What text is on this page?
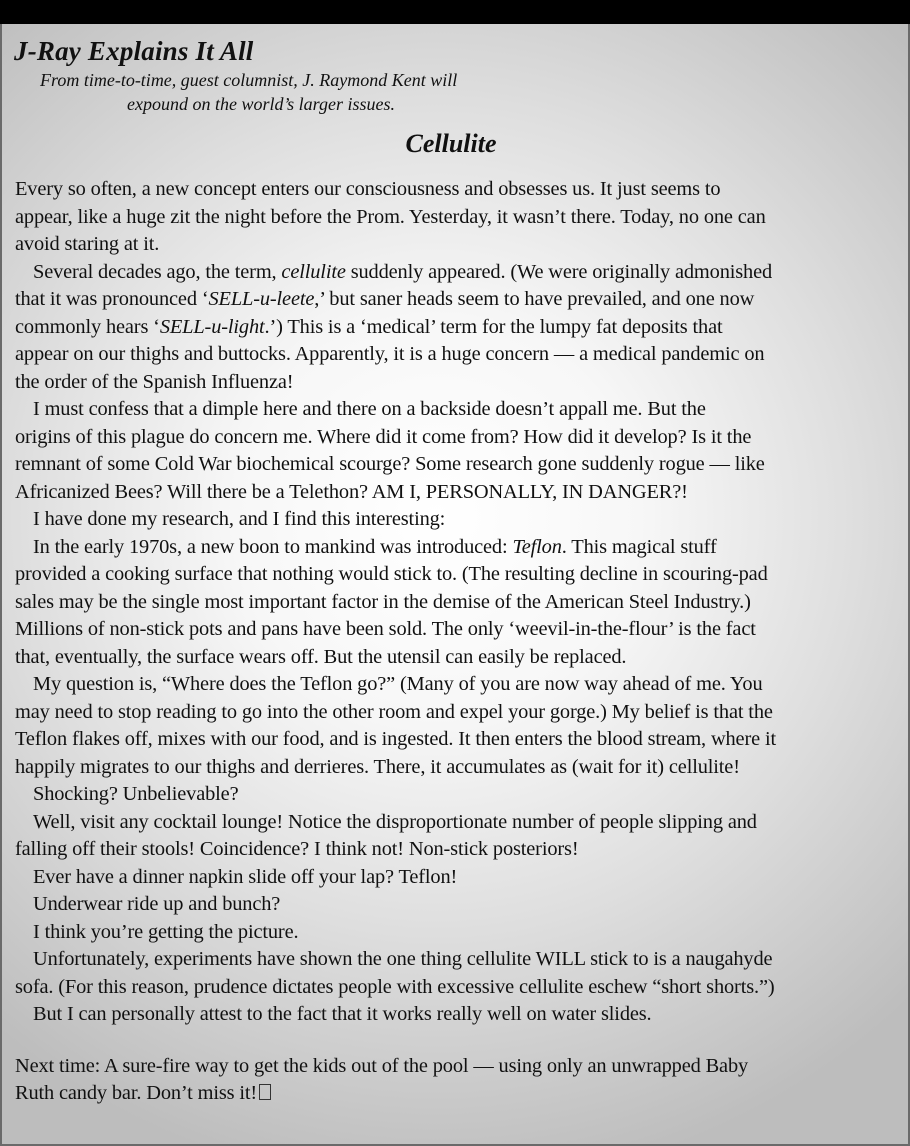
J-Ray Explains It All
From time-to-time, guest columnist, J. Raymond Kent will
expound on the world’s larger issues.
Cellulite
Every so often, a new concept enters our consciousness and obsesses us. It just seems to
appear, like a huge zit the night before the Prom. Yesterday, it wasn’t there. Today, no one can
avoid staring at it.
Several decades ago, the term, cellulite suddenly appeared. (We were originally admonished
that it was pronounced ‘SELL-u-leete,’ but saner heads seem to have prevailed, and one now
commonly hears ‘SELL-u-light.’) This is a ‘medical’ term for the lumpy fat deposits that
appear on our thighs and buttocks. Apparently, it is a huge concern — a medical pandemic on
the order of the Spanish Influenza!
I must confess that a dimple here and there on a backside doesn’t appall me. But the
origins of this plague do concern me. Where did it come from? How did it develop? Is it the
remnant of some Cold War biochemical scourge? Some research gone suddenly rogue — like
Africanized Bees? Will there be a Telethon? AM I, PERSONALLY, IN DANGER?!
I have done my research, and I find this interesting:
In the early 1970s, a new boon to mankind was introduced: Teflon. This magical stuff
provided a cooking surface that nothing would stick to. (The resulting decline in scouring-pad
sales may be the single most important factor in the demise of the American Steel Industry.)
Millions of non-stick pots and pans have been sold. The only ‘weevil-in-the-flour’ is the fact
that, eventually, the surface wears off. But the utensil can easily be replaced.
My question is, “Where does the Teflon go?” (Many of you are now way ahead of me. You
may need to stop reading to go into the other room and expel your gorge.) My belief is that the
Teflon flakes off, mixes with our food, and is ingested. It then enters the blood stream, where it
happily migrates to our thighs and derrieres. There, it accumulates as (wait for it) cellulite!
Shocking? Unbelievable?
Well, visit any cocktail lounge! Notice the disproportionate number of people slipping and
falling off their stools! Coincidence? I think not! Non-stick posteriors!
Ever have a dinner napkin slide off your lap? Teflon!
Underwear ride up and bunch?
I think you’re getting the picture.
Unfortunately, experiments have shown the one thing cellulite WILL stick to is a naugahyde
sofa. (For this reason, prudence dictates people with excessive cellulite eschew “short shorts.”)
But I can personally attest to the fact that it works really well on water slides.
Next time: A sure-fire way to get the kids out of the pool — using only an unwrapped Baby
Ruth candy bar. Don’t miss it!
